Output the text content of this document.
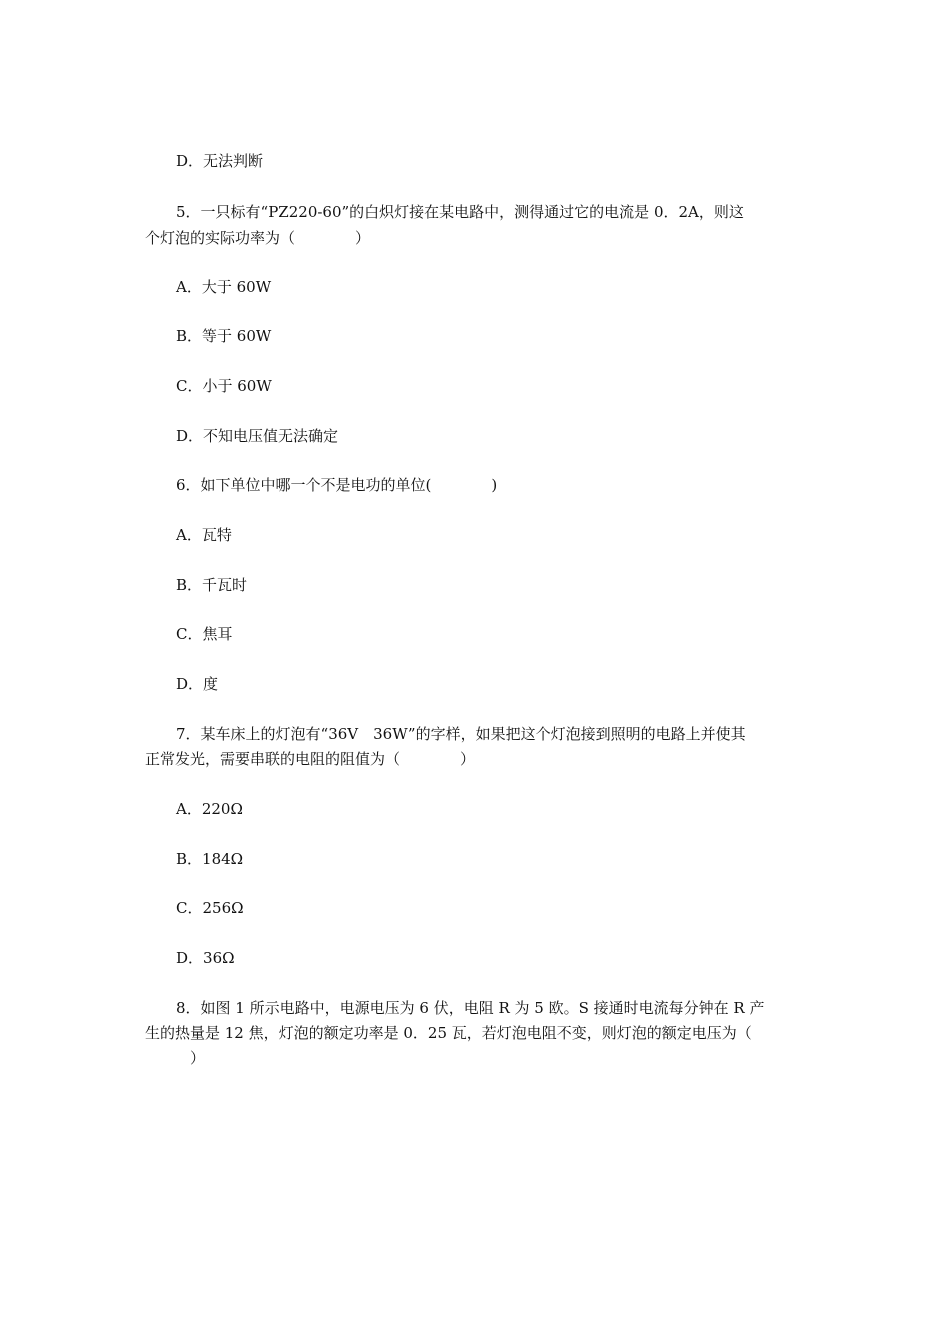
D．无法判断
5．一只标有“PZ220-60”的白炽灯接在某电路中，测得通过它的电流是 0．2A，则这
个灯泡的实际功率为（　　　　）
A．大于 60W
B．等于 60W
C．小于 60W
D．不知电压值无法确定
6．如下单位中哪一个不是电功的单位(　　　　)
A．瓦特
B．千瓦时
C．焦耳
D．度
7．某车床上的灯泡有“36V　36W”的字样，如果把这个灯泡接到照明的电路上并使其
正常发光，需要串联的电阻的阻值为（　　　　）
A．220Ω
B．184Ω
C．256Ω
D．36Ω
8．如图 1 所示电路中，电源电压为 6 伏，电阻 R 为 5 欧。S 接通时电流每分钟在 R 产
生的热量是 12 焦，灯泡的额定功率是 0．25 瓦，若灯泡电阻不变，则灯泡的额定电压为（
　　　）
